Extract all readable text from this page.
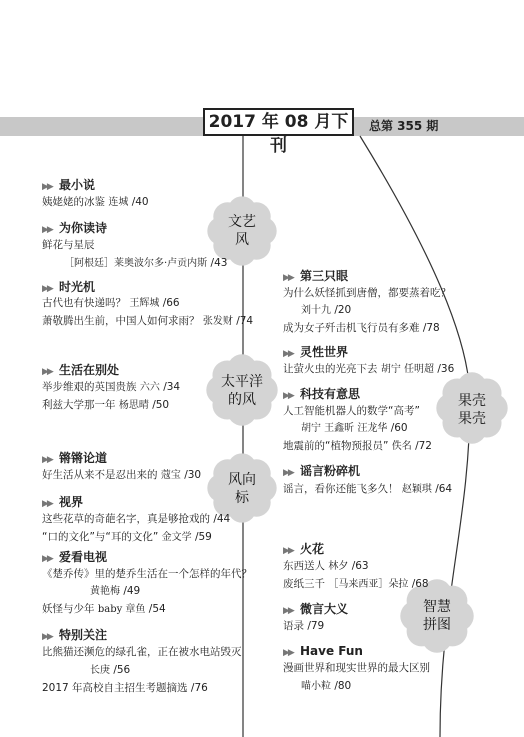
2017 年 08 月下刊
总第 355 期
文艺
风
太平洋
的风
风向
标
果壳
果壳
智慧
拼图
▶▶ 最小说
姨姥姥的冰鉴 连城 /40
▶▶ 为你读诗
鲜花与星辰
［阿根廷］莱奥波尔多·卢贡内斯 /43
▶▶ 时光机
古代也有快递吗？ 王辉城 /66
萧敬腾出生前，中国人如何求雨？ 张发财 /74
▶▶ 生活在别处
举步维艰的英国贵族 六六 /34
利兹大学那一年 杨思晴 /50
▶▶ 锵锵论道
好生活从来不是忍出来的 蔻宝 /30
▶▶ 视界
这些花草的奇葩名字，真是够抢戏的 /44
“口的文化”与“耳的文化” 金文学 /59
▶▶ 爱看电视
《楚乔传》里的楚乔生活在一个怎样的年代？
黄艳梅 /49
妖怪与少年 baby 章鱼 /54
▶▶ 特别关注
比熊猫还濒危的绿孔雀，正在被水电站毁灭
长庚 /56
2017 年高校自主招生考题摘选 /76
▶▶ 第三只眼
为什么妖怪抓到唐僧，都要蒸着吃？
刘十九 /20
成为女子歼击机飞行员有多难 /78
▶▶ 灵性世界
让萤火虫的光亮下去 胡宁 任明超 /36
▶▶ 科技有意思
人工智能机器人的数学“高考”
胡宁 王鑫昕 汪龙华 /60
地震前的“植物预报员” 佚名 /72
▶▶ 谣言粉碎机
谣言，看你还能飞多久！ 赵颖琪 /64
▶▶ 火花
东西送人 林夕 /63
废纸三千 ［马来西亚］朵拉 /68
▶▶ 微言大义
语录 /79
▶▶ Have Fun
漫画世界和现实世界的最大区别
喵小粒 /80
